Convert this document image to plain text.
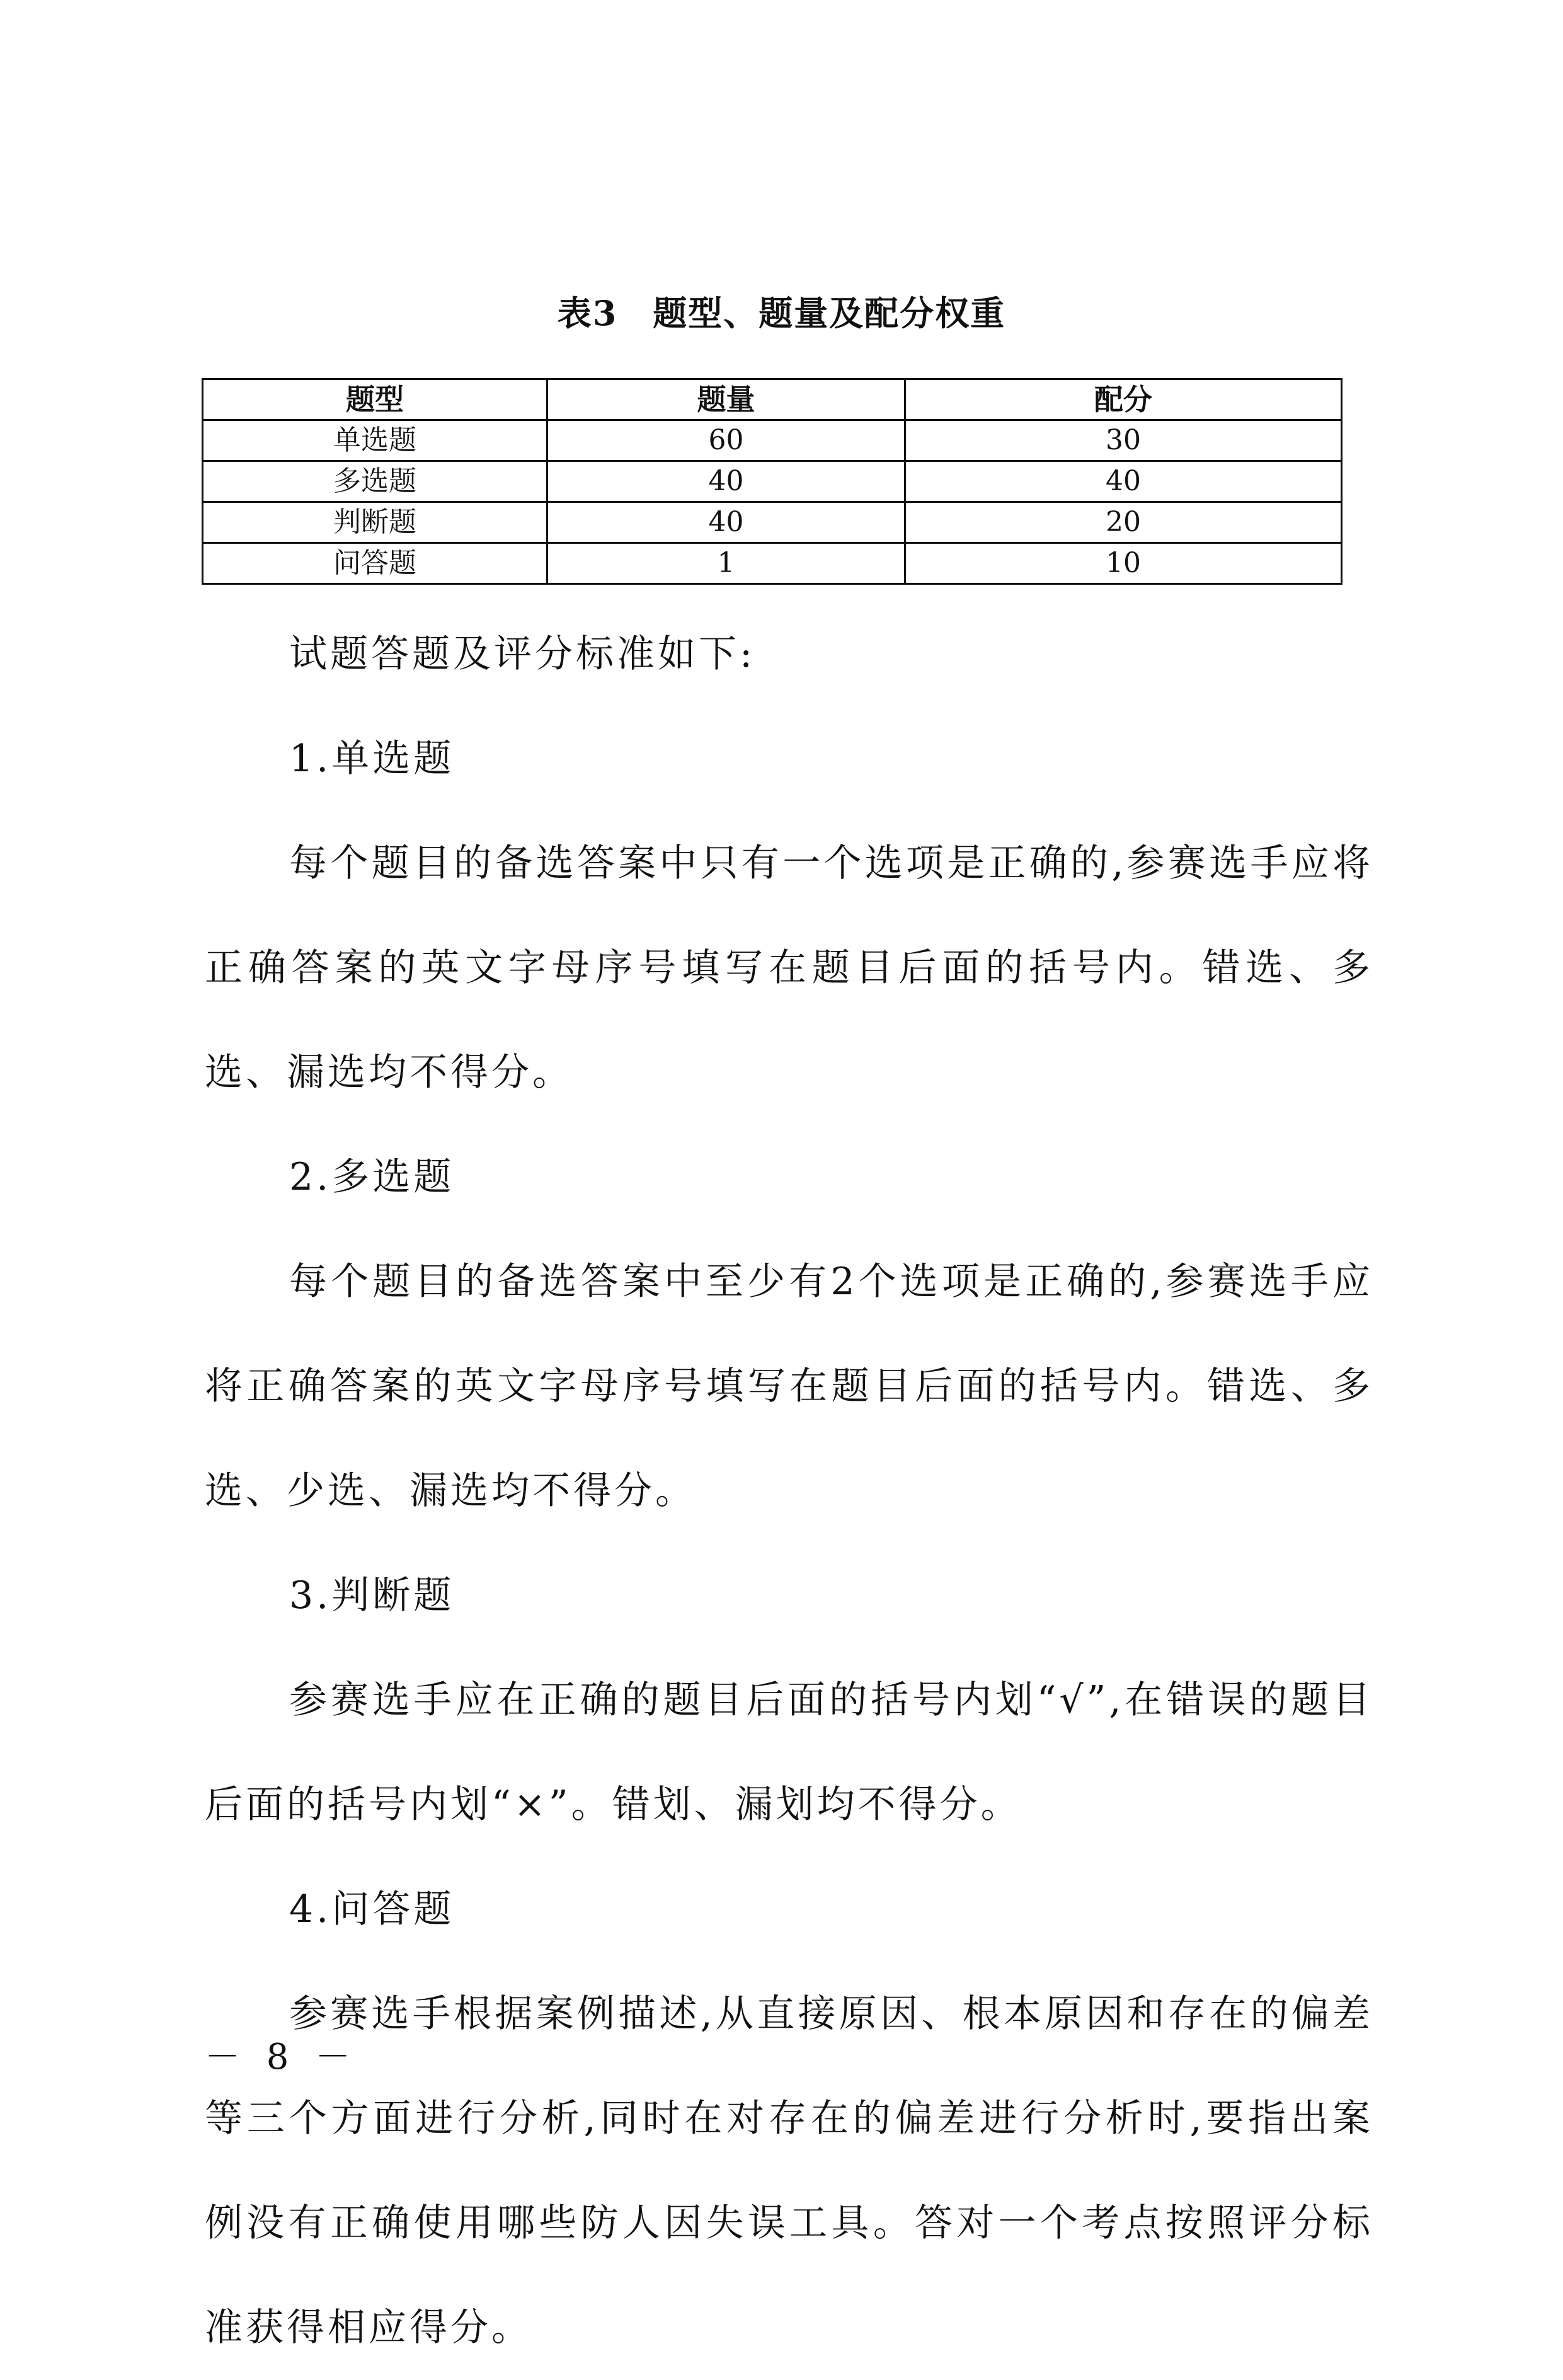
表3　题型、题量及配分权重
题型	题量	配分
单选题	60	30
多选题	40	40
判断题	40	20
问答题	1	10

试题答题及评分标准如下:

1.单选题

每个题目的备选答案中只有一个选项是正确的,参赛选手应将正确答案的英文字母序号填写在题目后面的括号内。错选、多选、漏选均不得分。

2.多选题

每个题目的备选答案中至少有2个选项是正确的,参赛选手应将正确答案的英文字母序号填写在题目后面的括号内。错选、多选、少选、漏选均不得分。

3.判断题

参赛选手应在正确的题目后面的括号内划“√”,在错误的题目后面的括号内划“×”。错划、漏划均不得分。

4.问答题

参赛选手根据案例描述,从直接原因、根本原因和存在的偏差等三个方面进行分析,同时在对存在的偏差进行分析时,要指出案例没有正确使用哪些防人因失误工具。答对一个考点按照评分标准获得相应得分。

－ 8 －
